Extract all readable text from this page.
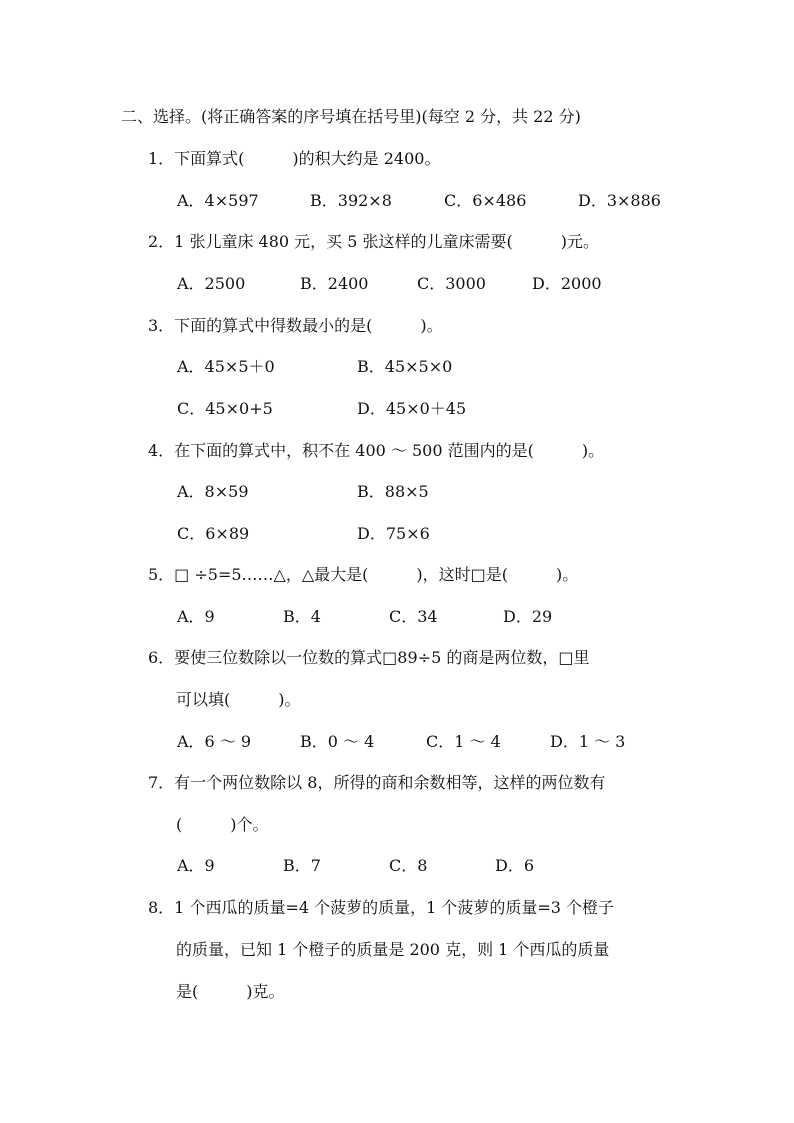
二、选择。(将正确答案的序号填在括号里)(每空 2 分，共 22 分)
1．下面算式(　　　)的积大约是 2400。
A．4×597	B．392×8	C．6×486	D．3×886
2．1 张儿童床 480 元，买 5 张这样的儿童床需要(　　　)元。
A．2500	B．2400	C．3000	D．2000
3．下面的算式中得数最小的是(　　　)。
A．45×5＋0	B．45×5×0
C．45×0+5	D．45×0＋45
4．在下面的算式中，积不在 400 ～ 500 范围内的是(　　　)。
A．8×59	B．88×5
C．6×89	D．75×6
5．□ ÷5=5……△，△最大是(　　　)，这时□是(　　　)。
A．9	B．4	C．34	D．29
6．要使三位数除以一位数的算式□89÷5 的商是两位数，□里
可以填(　　　)。
A．6 ～ 9	B．0 ～ 4	C．1 ～ 4	D．1 ～ 3
7．有一个两位数除以 8，所得的商和余数相等，这样的两位数有
(　　　)个。
A．9	B．7	C．8	D．6
8．1 个西瓜的质量=4 个菠萝的质量，1 个菠萝的质量=3 个橙子
的质量，已知 1 个橙子的质量是 200 克，则 1 个西瓜的质量
是(　　　)克。
